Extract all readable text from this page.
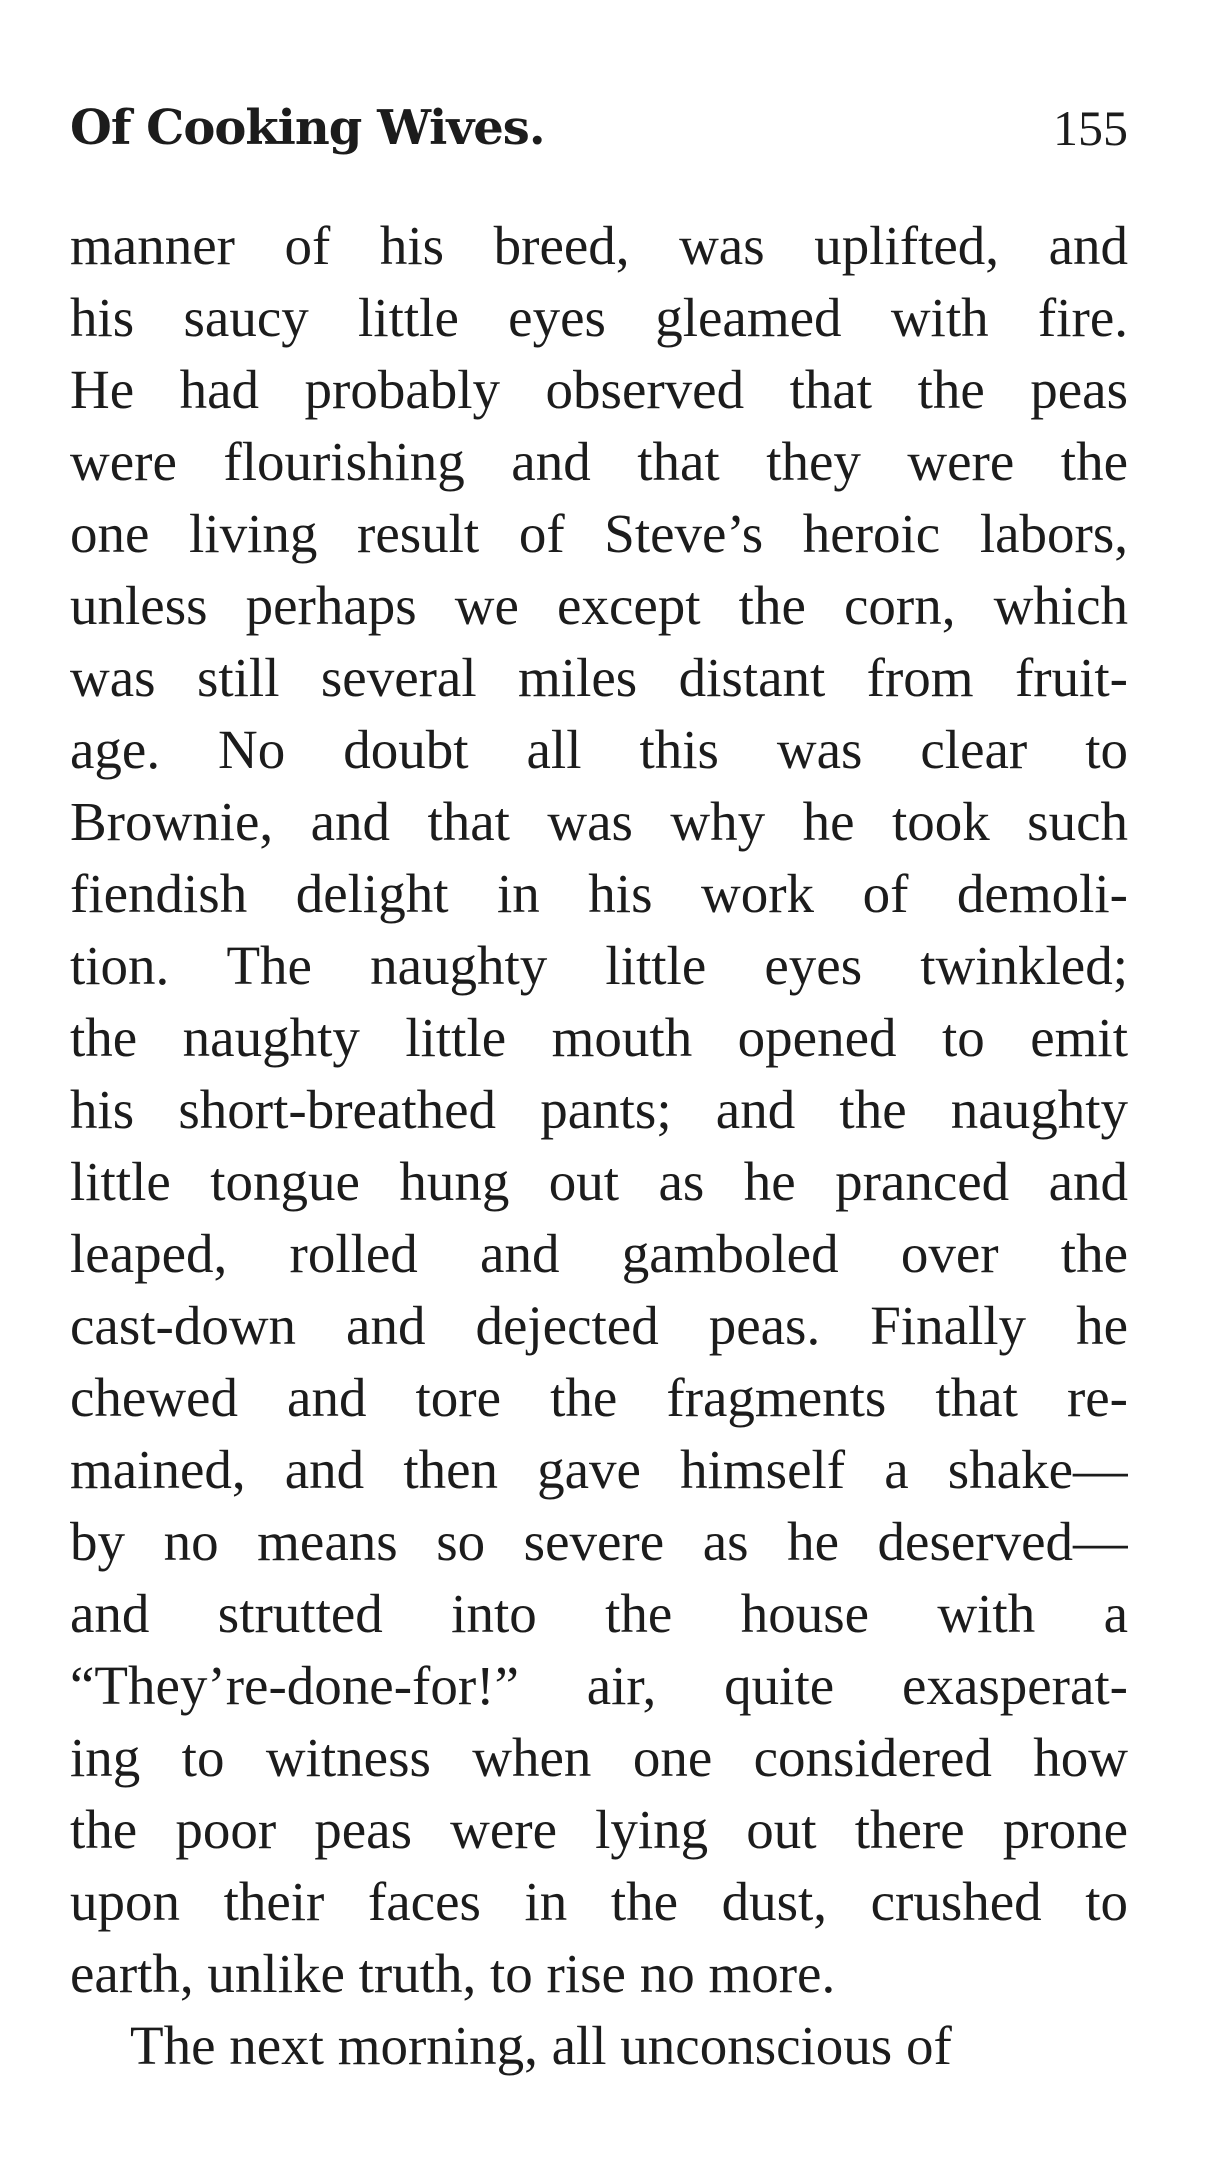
Of Cooking Wives.	155
manner of his breed, was uplifted, and
his saucy little eyes gleamed with fire.
He had probably observed that the peas
were flourishing and that they were the
one living result of Steve’s heroic labors,
unless perhaps we except the corn, which
was still several miles distant from fruit-
age. No doubt all this was clear to
Brownie, and that was why he took such
fiendish delight in his work of demoli-
tion. The naughty little eyes twinkled;
the naughty little mouth opened to emit
his short-breathed pants; and the naughty
little tongue hung out as he pranced and
leaped, rolled and gamboled over the
cast-down and dejected peas. Finally he
chewed and tore the fragments that re-
mained, and then gave himself a shake—
by no means so severe as he deserved—
and strutted into the house with a
“They’re-done-for!” air, quite exasperat-
ing to witness when one considered how
the poor peas were lying out there prone
upon their faces in the dust, crushed to
earth, unlike truth, to rise no more.
The next morning, all unconscious of
